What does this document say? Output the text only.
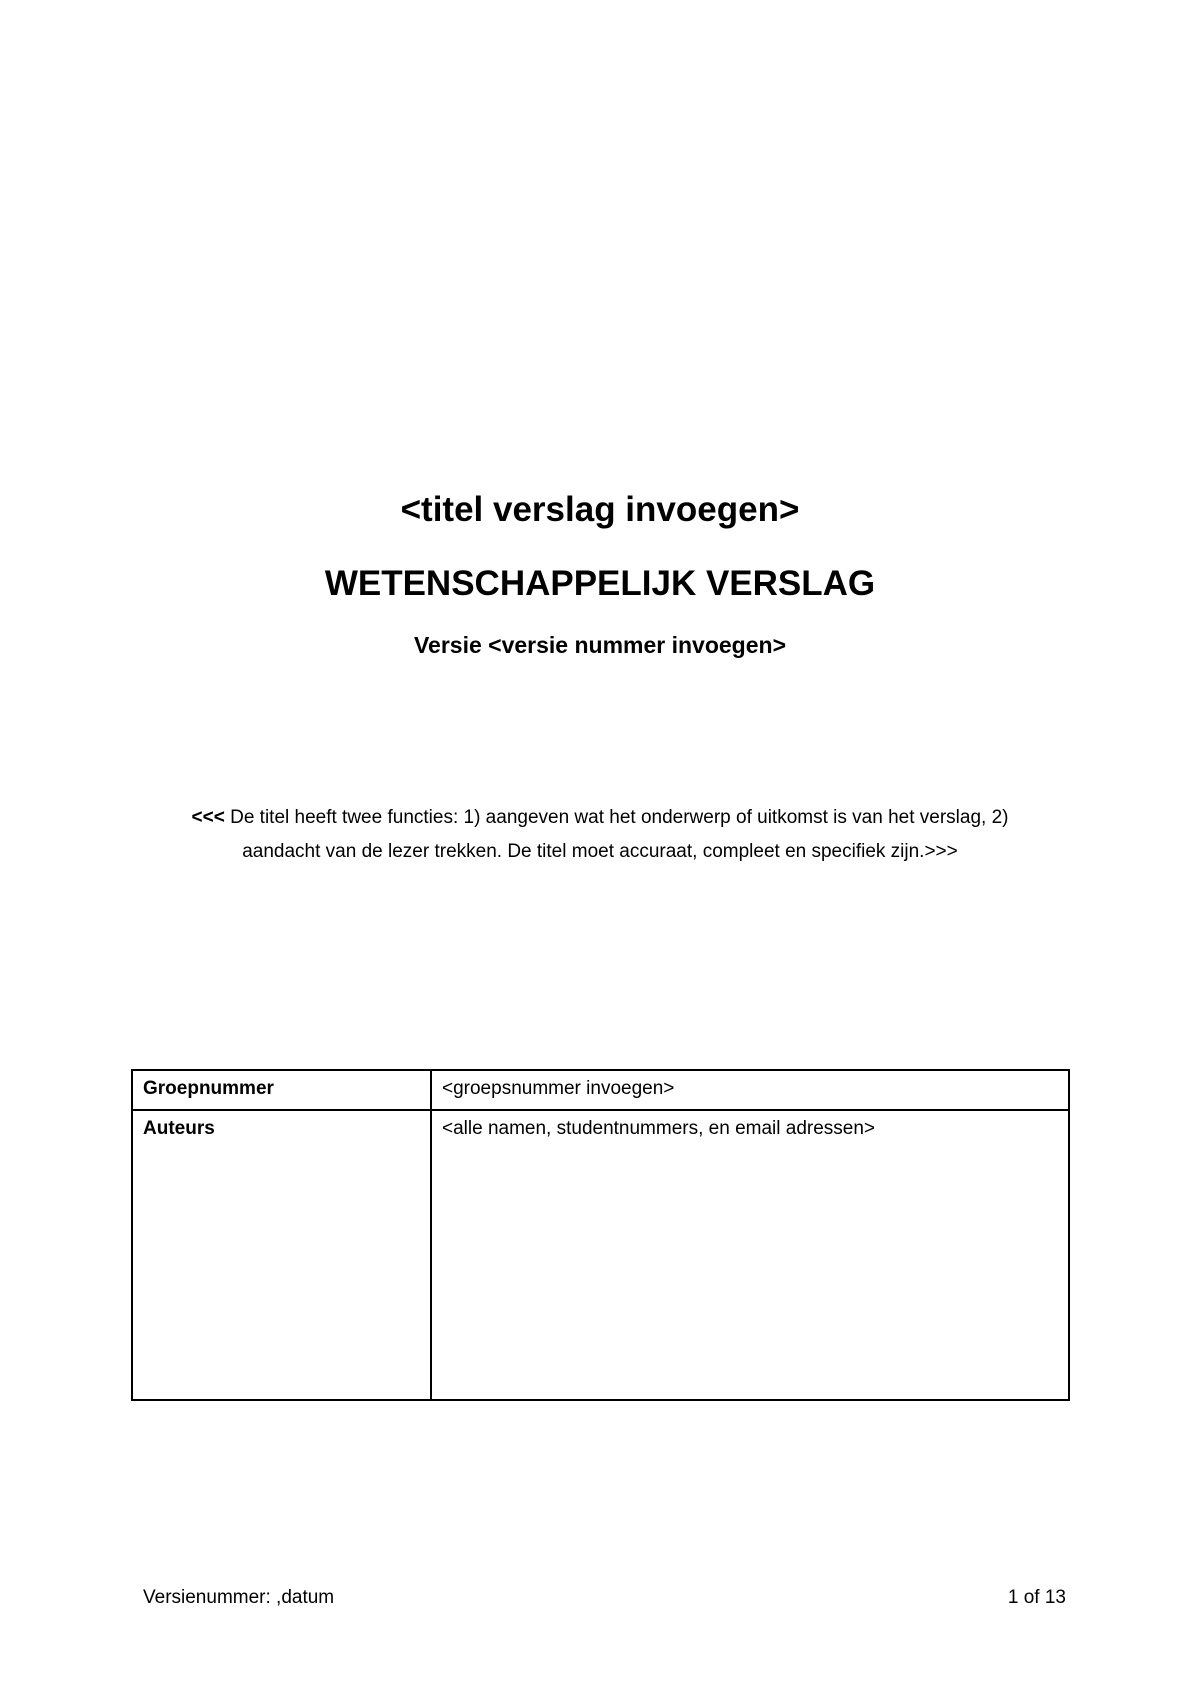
<titel verslag invoegen>
WETENSCHAPPELIJK VERSLAG
Versie <versie nummer invoegen>

<<< De titel heeft twee functies: 1) aangeven wat het onderwerp of uitkomst is van het verslag, 2) aandacht van de lezer trekken. De titel moet accuraat, compleet en specifiek zijn.>>>

Groepnummer	<groepsnummer invoegen>
Auteurs	<alle namen, studentnummers, en email adressen>
Versienummer: ,datum	1 of 13
